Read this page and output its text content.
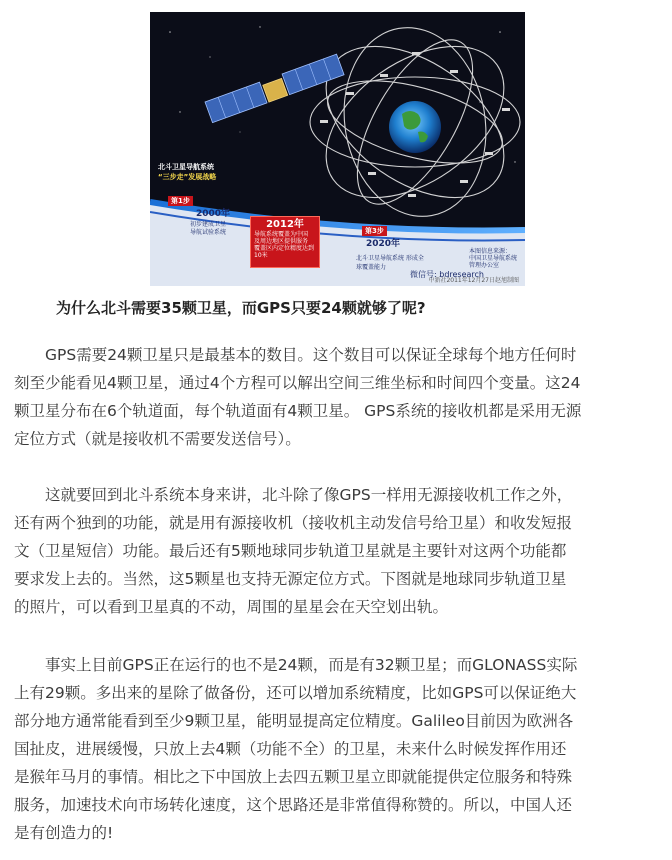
北斗卫星导航系统
“三步走”发展战略
第1步
2000年
初步建成卫星
导航试验系统
2012年
导航系统覆盖为中国
及周边地区提供服务
覆盖区内定位精度达到
10米
第3步
2020年
北斗卫星导航系统 形成全球覆盖能力
本图信息来源：
中国卫星导航系统
管理办公室
微信号: bdresearch
中新社2011年12月27日赵旭制图
为什么北斗需要35颗卫星，而GPS只要24颗就够了呢?

　　GPS需要24颗卫星只是最基本的数目。这个数目可以保证全球每个地方任何时
刻至少能看见4颗卫星，通过4个方程可以解出空间三维坐标和时间四个变量。这24
颗卫星分布在6个轨道面，每个轨道面有4颗卫星。 GPS系统的接收机都是采用无源
定位方式（就是接收机不需要发送信号）。

　　这就要回到北斗系统本身来讲，北斗除了像GPS一样用无源接收机工作之外，
还有两个独到的功能，就是用有源接收机（接收机主动发信号给卫星）和收发短报
文（卫星短信）功能。最后还有5颗地球同步轨道卫星就是主要针对这两个功能都
要求发上去的。当然，这5颗星也支持无源定位方式。下图就是地球同步轨道卫星
的照片，可以看到卫星真的不动，周围的星星会在天空划出轨。

　　事实上目前GPS正在运行的也不是24颗，而是有32颗卫星；而GLONASS实际
上有29颗。多出来的星除了做备份，还可以增加系统精度，比如GPS可以保证绝大
部分地方通常能看到至少9颗卫星，能明显提高定位精度。Galileo目前因为欧洲各
国扯皮，进展缓慢，只放上去4颗（功能不全）的卫星，未来什么时候发挥作用还
是猴年马月的事情。相比之下中国放上去四五颗卫星立即就能提供定位服务和特殊
服务，加速技术向市场转化速度，这个思路还是非常值得称赞的。所以，中国人还
是有创造力的!
